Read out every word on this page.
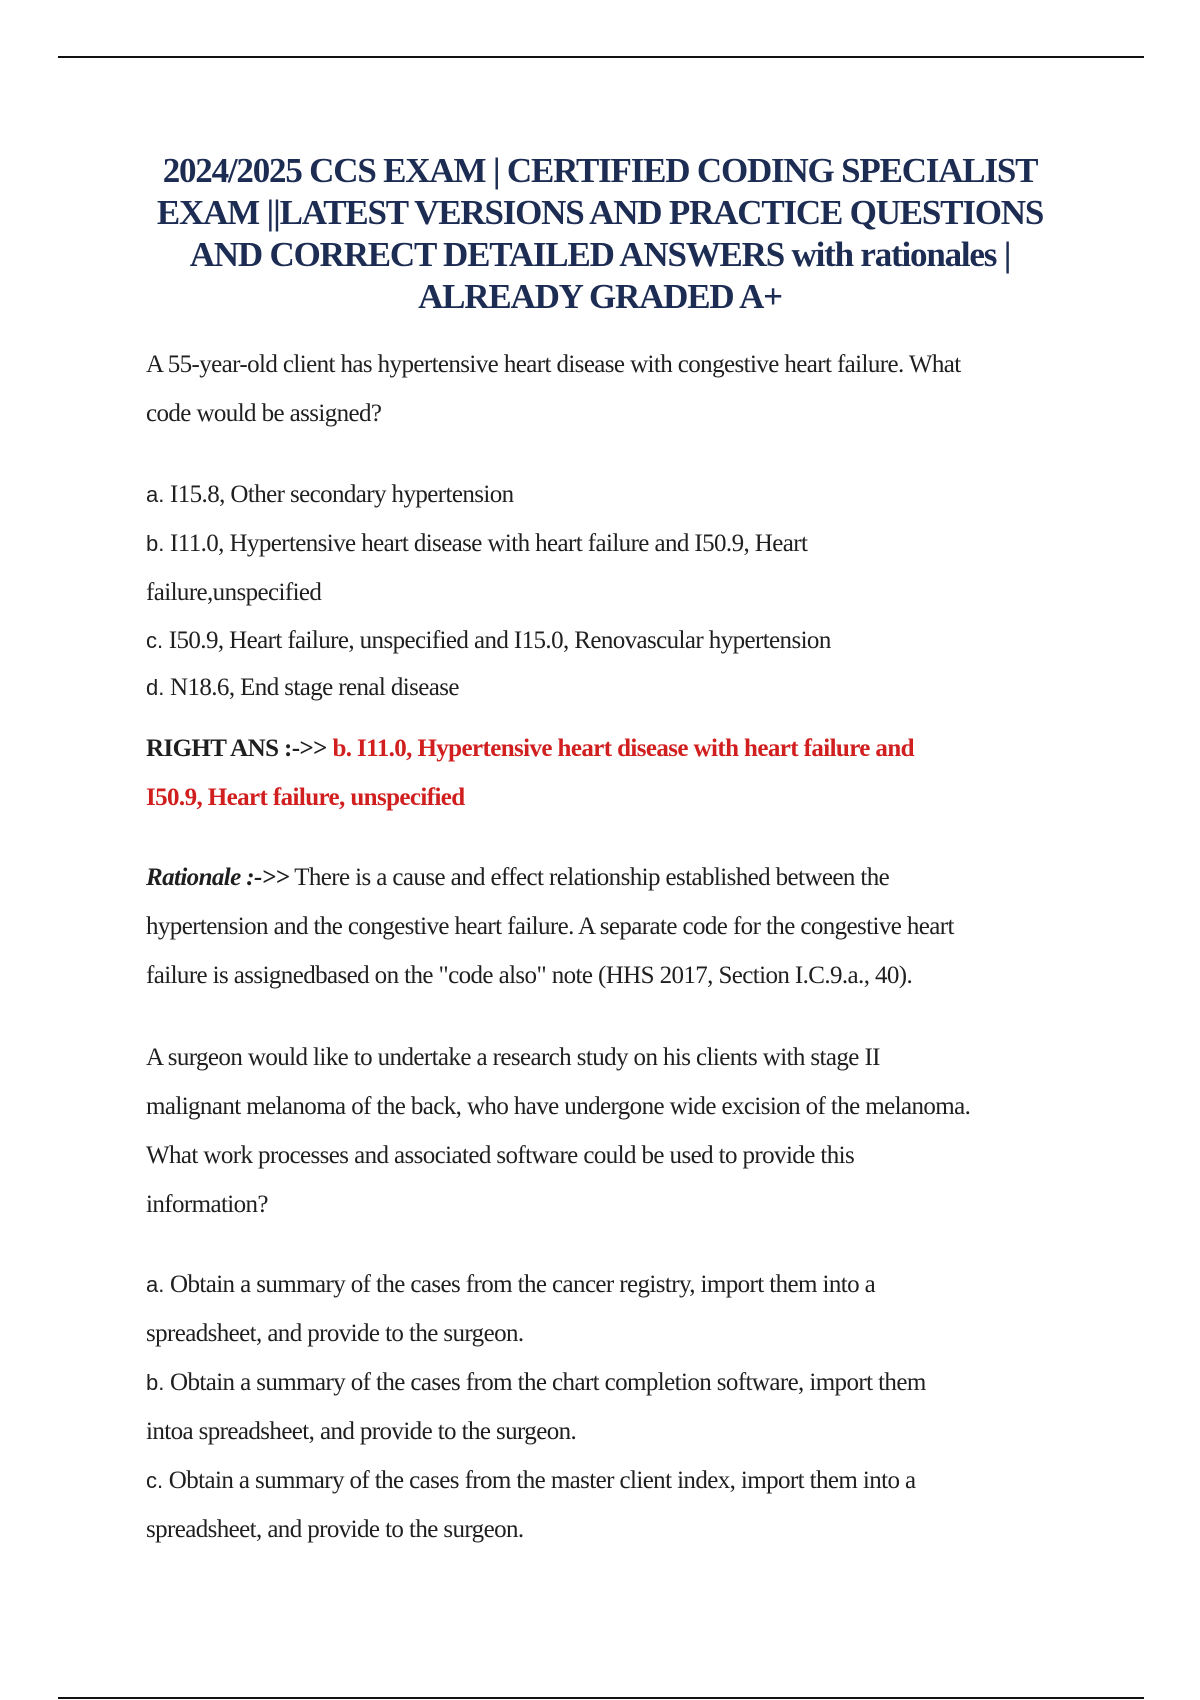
2024/2025 CCS EXAM | CERTIFIED CODING SPECIALIST
EXAM ||LATEST VERSIONS AND PRACTICE QUESTIONS
AND CORRECT DETAILED ANSWERS with rationales |
ALREADY GRADED A+
A 55-year-old client has hypertensive heart disease with congestive heart failure. What
code would be assigned?
a. I15.8, Other secondary hypertension
b. I11.0, Hypertensive heart disease with heart failure and I50.9, Heart
failure,unspecified
c. I50.9, Heart failure, unspecified and I15.0, Renovascular hypertension
d. N18.6, End stage renal disease
RIGHT ANS :->> b. I11.0, Hypertensive heart disease with heart failure and
I50.9, Heart failure, unspecified
Rationale :->> There is a cause and effect relationship established between the
hypertension and the congestive heart failure. A separate code for the congestive heart
failure is assignedbased on the "code also" note (HHS 2017, Section I.C.9.a., 40).
A surgeon would like to undertake a research study on his clients with stage II
malignant melanoma of the back, who have undergone wide excision of the melanoma.
What work processes and associated software could be used to provide this
information?
a. Obtain a summary of the cases from the cancer registry, import them into a
spreadsheet, and provide to the surgeon.
b. Obtain a summary of the cases from the chart completion software, import them
intoa spreadsheet, and provide to the surgeon.
c. Obtain a summary of the cases from the master client index, import them into a
spreadsheet, and provide to the surgeon.
